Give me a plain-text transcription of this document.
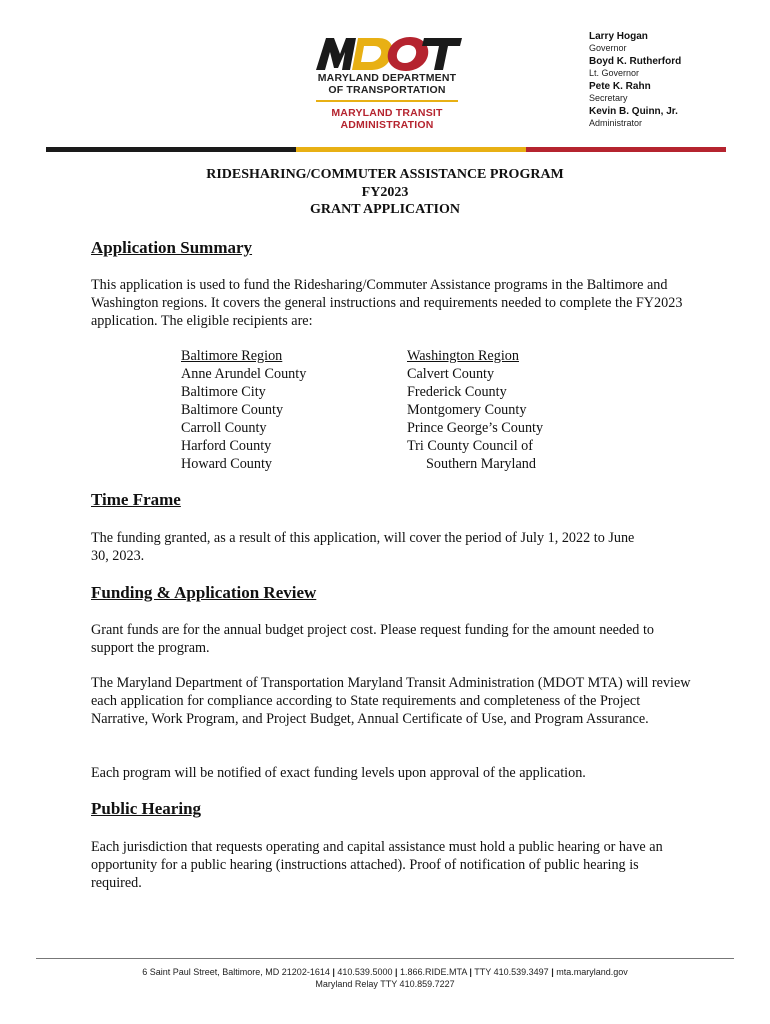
MARYLAND DEPARTMENT
OF TRANSPORTATION
MARYLAND TRANSIT
ADMINISTRATION
Larry Hogan
Governor
Boyd K. Rutherford
Lt. Governor
Pete K. Rahn
Secretary
Kevin B. Quinn, Jr.
Administrator
RIDESHARING/COMMUTER ASSISTANCE PROGRAM
FY2023
GRANT APPLICATION
Application Summary

This application is used to fund the Ridesharing/Commuter Assistance programs in the Baltimore and Washington regions. It covers the general instructions and requirements needed to complete the FY2023 application. The eligible recipients are:

Baltimore Region
Anne Arundel County
Baltimore City
Baltimore County
Carroll County
Harford County
Howard County
Washington Region
Calvert County
Frederick County
Montgomery County
Prince George’s County
Tri County Council of
Southern Maryland
Time Frame

The funding granted, as a result of this application, will cover the period of July 1, 2022 to June 30, 2023.

Funding & Application Review

Grant funds are for the annual budget project cost. Please request funding for the amount needed to support the program.

The Maryland Department of Transportation Maryland Transit Administration (MDOT MTA) will review each application for compliance according to State requirements and completeness of the Project Narrative, Work Program, and Project Budget, Annual Certificate of Use, and Program Assurance.

Each program will be notified of exact funding levels upon approval of the application.

Public Hearing

Each jurisdiction that requests operating and capital assistance must hold a public hearing or have an opportunity for a public hearing (instructions attached). Proof of notification of public hearing is required.

6 Saint Paul Street, Baltimore, MD 21202-1614 | 410.539.5000 | 1.866.RIDE.MTA | TTY 410.539.3497 | mta.maryland.gov
Maryland Relay TTY 410.859.7227
